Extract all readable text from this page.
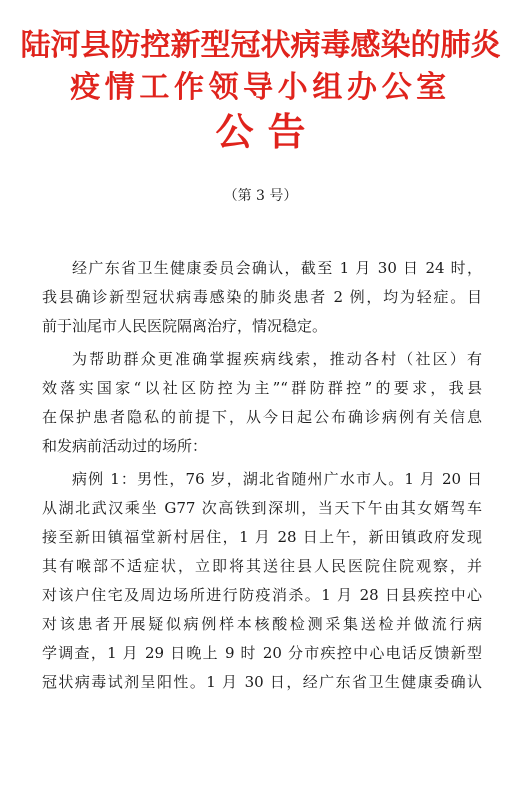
陆河县防控新型冠状病毒感染的肺炎
疫情工作领导小组办公室
公告
（第 3 号）
经广东省卫生健康委员会确认，截至 1 月 30 日 24 时，
我县确诊新型冠状病毒感染的肺炎患者 2 例，均为轻症。目
前于汕尾市人民医院隔离治疗，情况稳定。
为帮助群众更准确掌握疾病线索，推动各村（社区）有
效落实国家“以社区防控为主”“群防群控”的要求，我县
在保护患者隐私的前提下，从今日起公布确诊病例有关信息
和发病前活动过的场所：
病例 1：男性，76 岁，湖北省随州广水市人。1 月 20 日
从湖北武汉乘坐 G77 次高铁到深圳，当天下午由其女婿驾车
接至新田镇福堂新村居住，1 月 28 日上午，新田镇政府发现
其有喉部不适症状，立即将其送往县人民医院住院观察，并
对该户住宅及周边场所进行防疫消杀。1 月 28 日县疾控中心
对该患者开展疑似病例样本核酸检测采集送检并做流行病
学调查，1 月 29 日晚上 9 时 20 分市疾控中心电话反馈新型
冠状病毒试剂呈阳性。1 月 30 日，经广东省卫生健康委确认
